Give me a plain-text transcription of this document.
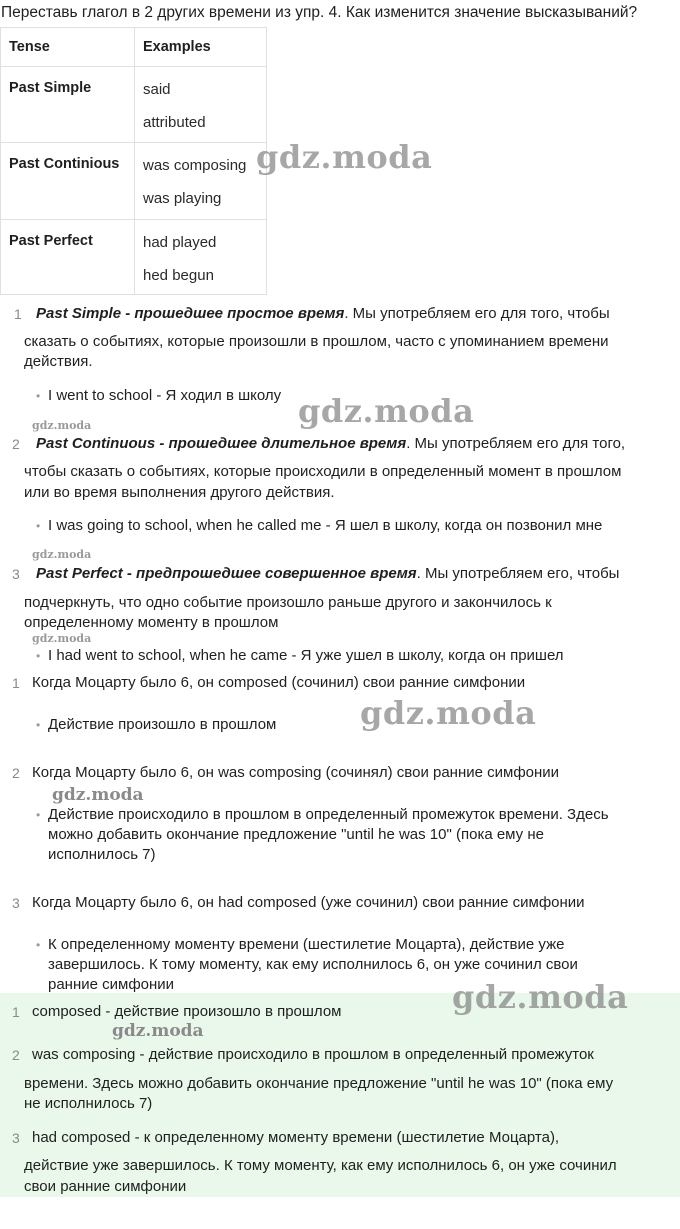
Переставь глагол в 2 других времени из упр. 4. Как изменится значение высказываний?
Tense	Examples

Past Simple	said
attributed

Past Continious	was composing
was playing

Past Perfect	had played
hed begun
1 Past Simple - прошедшее простое время. Мы употребляем его для того, чтобы
сказать о событиях, которые произошли в прошлом, часто с упоминанием времени
действия.
• I went to school - Я ходил в школу
2 Past Continuous - прошедшее длительное время. Мы употребляем его для того,
чтобы сказать о событиях, которые происходили в определенный момент в прошлом
или во время выполнения другого действия.
• I was going to school, when he called me - Я шел в школу, когда он позвонил мне
3 Past Perfect - предпрошедшее совершенное время. Мы употребляем его, чтобы
подчеркнуть, что одно событие произошло раньше другого и закончилось к
определенному моменту в прошлом
• I had went to school, when he came - Я уже ушел в школу, когда он пришел
1 Когда Моцарту было 6, он composed (сочинил) свои ранние симфонии
• Действие произошло в прошлом
2 Когда Моцарту было 6, он was composing (сочинял) свои ранние симфонии
• Действие происходило в прошлом в определенный промежуток времени. Здесь
можно добавить окончание предложение "until he was 10" (пока ему не
исполнилось 7)
3 Когда Моцарту было 6, он had composed (уже сочинил) свои ранние симфонии
• К определенному моменту времени (шестилетие Моцарта), действие уже
завершилось. К тому моменту, как ему исполнилось 6, он уже сочинил свои
ранние симфонии
1 composed - действие произошло в прошлом
2 was composing - действие происходило в прошлом в определенный промежуток
времени. Здесь можно добавить окончание предложение "until he was 10" (пока ему
не исполнилось 7)
3 had composed - к определенному моменту времени (шестилетие Моцарта),
действие уже завершилось. К тому моменту, как ему исполнилось 6, он уже сочинил
свои ранние симфонии
gdz.moda
gdz.moda
gdz.moda
gdz.moda
gdz.moda
gdz.moda
gdz.moda
gdz.moda
gdz.moda
